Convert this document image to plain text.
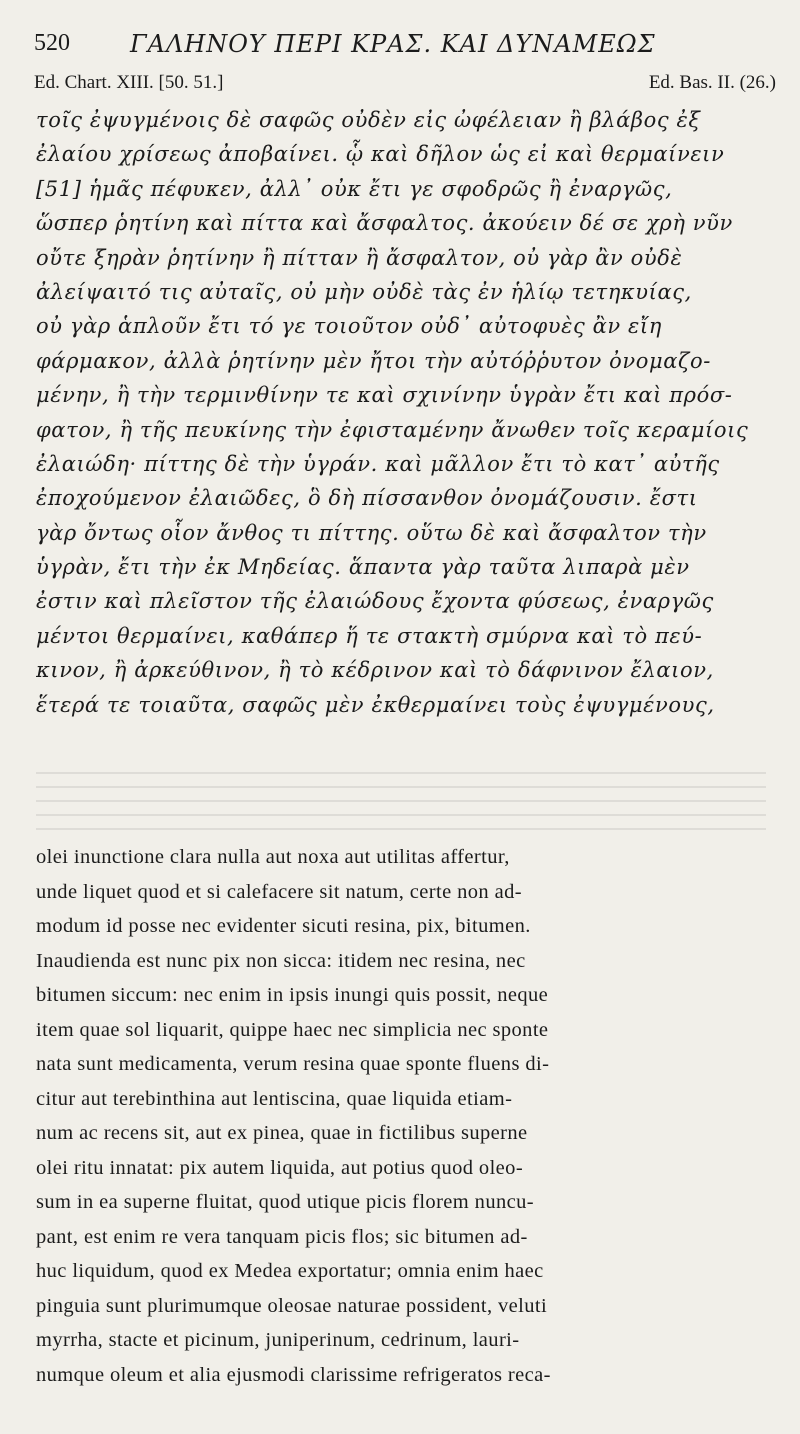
520	ΓΑΛΗΝΟΥ ΠΕΡΙ ΚΡΑΣ. ΚΑΙ ΔΥΝΑΜΕΩΣ
Ed. Chart. XIII. [50. 51.]	Ed. Bas. II. (26.)
τοῖς ἐψυγμένοις δὲ σαφῶς οὐδὲν εἰς ὠφέλειαν ἢ βλάβος ἐξ
ἐλαίου χρίσεως ἀποβαίνει. ᾧ καὶ δῆλον ὡς εἰ καὶ θερμαίνειν
[51] ἡμᾶς πέφυκεν, ἀλλ᾽ οὐκ ἔτι γε σφοδρῶς ἢ ἐναργῶς,
ὥσπερ ῥητίνη καὶ πίττα καὶ ἄσφαλτος. ἀκούειν δέ σε χρὴ νῦν
οὔτε ξηρὰν ῥητίνην ἢ πίτταν ἢ ἄσφαλτον, οὐ γὰρ ἂν οὐδὲ
ἀλείψαιτό τις αὐταῖς, οὐ μὴν οὐδὲ τὰς ἐν ἡλίῳ τετηκυίας,
οὐ γὰρ ἁπλοῦν ἔτι τό γε τοιοῦτον οὐδ᾽ αὐτοφυὲς ἂν εἴη
φάρμακον, ἀλλὰ ῥητίνην μὲν ἤτοι τὴν αὐτόῤῥυτον ὀνομαζο-
μένην, ἢ τὴν τερμινθίνην τε καὶ σχινίνην ὑγρὰν ἔτι καὶ πρόσ-
φατον, ἢ τῆς πευκίνης τὴν ἐφισταμένην ἄνωθεν τοῖς κεραμίοις
ἐλαιώδη· πίττης δὲ τὴν ὑγράν. καὶ μᾶλλον ἔτι τὸ κατ᾽ αὐτῆς
ἐποχούμενον ἐλαιῶδες, ὃ δὴ πίσσανθον ὀνομάζουσιν. ἔστι
γὰρ ὄντως οἷον ἄνθος τι πίττης. οὕτω δὲ καὶ ἄσφαλτον τὴν
ὑγρὰν, ἔτι τὴν ἐκ Μηδείας. ἅπαντα γὰρ ταῦτα λιπαρὰ μὲν
ἐστιν καὶ πλεῖστον τῆς ἐλαιώδους ἔχοντα φύσεως, ἐναργῶς
μέντοι θερμαίνει, καθάπερ ἥ τε στακτὴ σμύρνα καὶ τὸ πεύ-
κινον, ἢ ἀρκεύθινον, ἢ τὸ κέδρινον καὶ τὸ δάφνινον ἔλαιον,
ἕτερά τε τοιαῦτα, σαφῶς μὲν ἐκθερμαίνει τοὺς ἐψυγμένους,
olei inunctione clara nulla aut noxa aut utilitas affertur,
unde liquet quod et si calefacere sit natum, certe non ad-
modum id posse nec evidenter sicuti resina, pix, bitumen.
Inaudienda est nunc pix non sicca: itidem nec resina, nec
bitumen siccum: nec enim in ipsis inungi quis possit, neque
item quae sol liquarit, quippe haec nec simplicia nec sponte
nata sunt medicamenta, verum resina quae sponte fluens di-
citur aut terebinthina aut lentiscina, quae liquida etiam-
num ac recens sit, aut ex pinea, quae in fictilibus superne
olei ritu innatat: pix autem liquida, aut potius quod oleo-
sum in ea superne fluitat, quod utique picis florem nuncu-
pant, est enim re vera tanquam picis flos; sic bitumen ad-
huc liquidum, quod ex Medea exportatur; omnia enim haec
pinguia sunt plurimumque oleosae naturae possident, veluti
myrrha, stacte et picinum, juniperinum, cedrinum, lauri-
numque oleum et alia ejusmodi clarissime refrigeratos reca-
